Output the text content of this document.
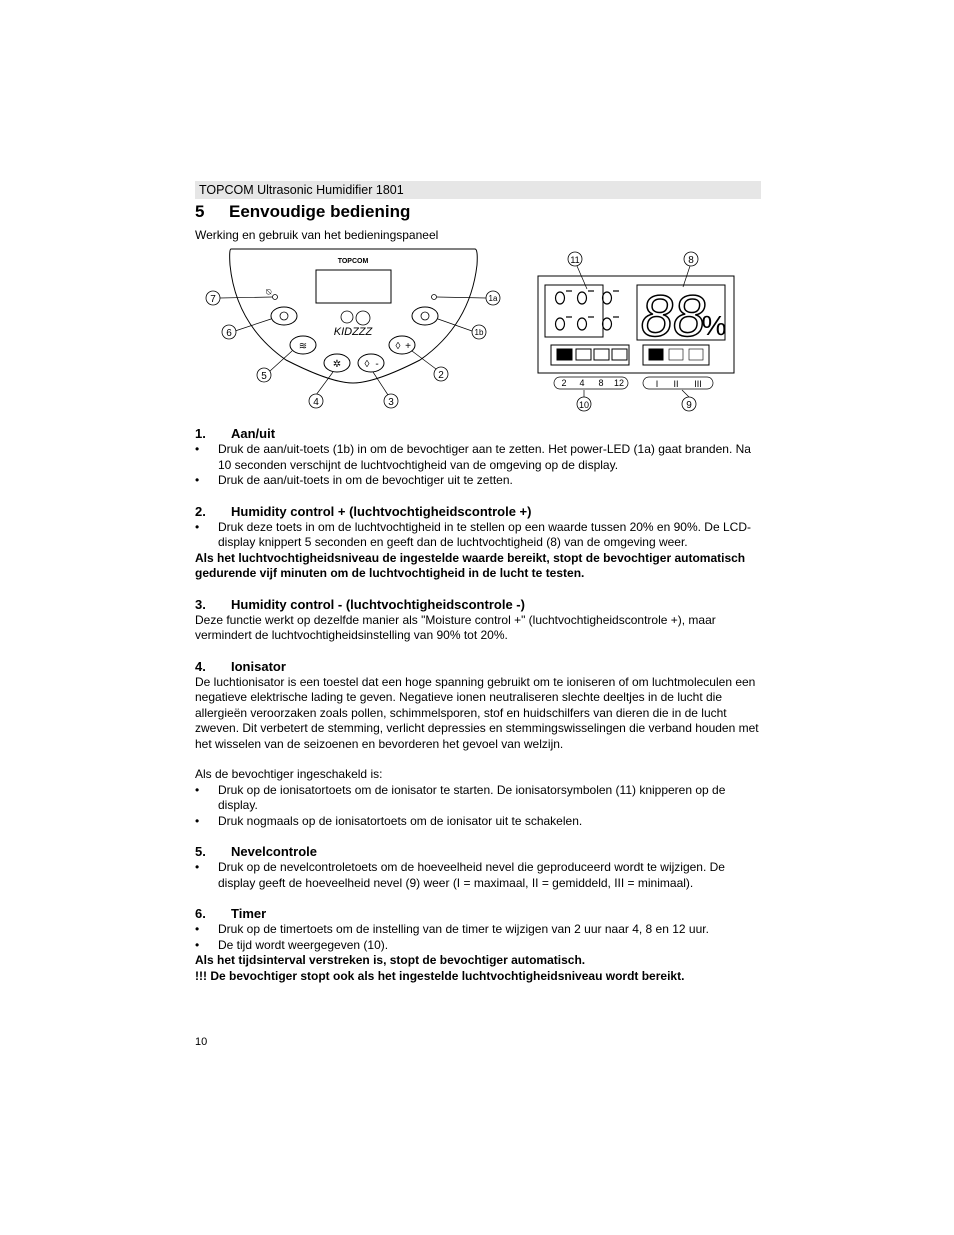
TOPCOM Ultrasonic Humidifier 1801
5 Eenvoudige bediening
Werking en gebruik van het bedieningspaneel
TOPCOM
⍉
KIDZZZ
≋	◊ +
✲ ◊ -
7
6
5
4	3
2
1a
1b	88
%
2 4 8 12	I II III
11	8
10	9
1. Aan/uit
• Druk de aan/uit-toets (1b) in om de bevochtiger aan te zetten. Het power-LED (1a) gaat branden. Na 10 seconden verschijnt de luchtvochtigheid van de omgeving op de display.
• Druk de aan/uit-toets in om de bevochtiger uit te zetten.
2. Humidity control + (luchtvochtigheidscontrole +)
• Druk deze toets in om de luchtvochtigheid in te stellen op een waarde tussen 20% en 90%. De LCD-display knippert 5 seconden en geeft dan de luchtvochtigheid (8) van de omgeving weer.

Als het luchtvochtigheidsniveau de ingestelde waarde bereikt, stopt de bevochtiger automatisch gedurende vijf minuten om de luchtvochtigheid in de lucht te testen.

3. Humidity control - (luchtvochtigheidscontrole -)

Deze functie werkt op dezelfde manier als "Moisture control +" (luchtvochtigheidscontrole +), maar vermindert de luchtvochtigheidsinstelling van 90% tot 20%.

4. Ionisator

De luchtionisator is een toestel dat een hoge spanning gebruikt om te ioniseren of om luchtmoleculen een negatieve elektrische lading te geven. Negatieve ionen neutraliseren slechte deeltjes in de lucht die allergieën veroorzaken zoals pollen, schimmelsporen, stof en huidschilfers van dieren die in de lucht zweven. Dit verbetert de stemming, verlicht depressies en stemmingswisselingen die verband houden met het wisselen van de seizoenen en bevorderen het gevoel van welzijn.

Als de bevochtiger ingeschakeld is:

• Druk op de ionisatortoets om de ionisator te starten. De ionisatorsymbolen (11) knipperen op de display.
• Druk nogmaals op de ionisatortoets om de ionisator uit te schakelen.
5. Nevelcontrole
• Druk op de nevelcontroletoets om de hoeveelheid nevel die geproduceerd wordt te wijzigen. De display geeft de hoeveelheid nevel (9) weer (I = maximaal, II = gemiddeld, III = minimaal).
6. Timer
• Druk op de timertoets om de instelling van de timer te wijzigen van 2 uur naar 4, 8 en 12 uur.
• De tijd wordt weergegeven (10).

Als het tijdsinterval verstreken is, stopt de bevochtiger automatisch.

!!! De bevochtiger stopt ook als het ingestelde luchtvochtigheidsniveau wordt bereikt.

10
